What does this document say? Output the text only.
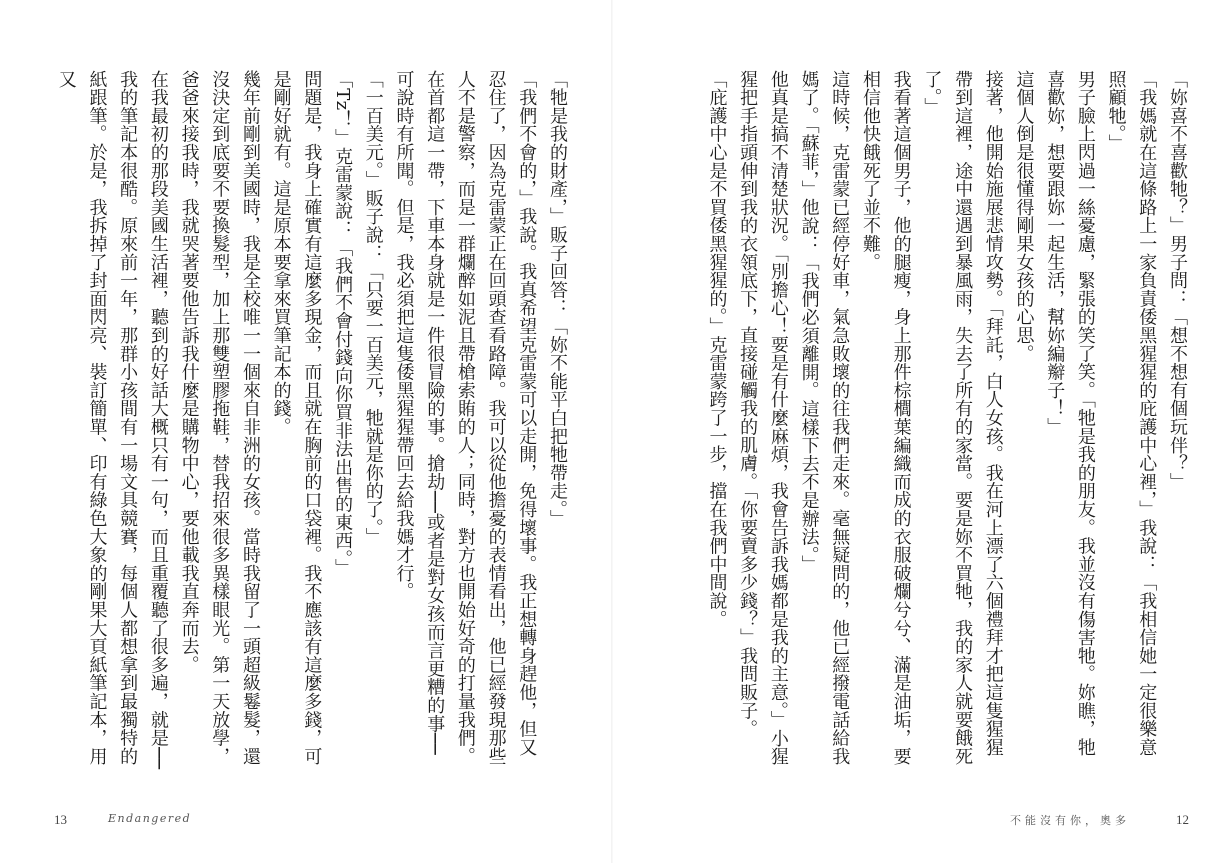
「牠是我的財產，」販子回答：「妳不能平白把牠帶走。」

「我們不會的，」我說。我真希望克雷蒙可以走開，免得壞事。我正想轉身趕他，但又忍住了，因為克雷蒙正在回頭查看路障。我可以從他擔憂的表情看出，他已經發現那些人不是警察，而是一群爛醉如泥且帶槍索賄的人；同時，對方也開始好奇的打量我們。在首都這一帶，下車本身就是一件很冒險的事。搶劫──或者是對女孩而言更糟的事──可說時有所聞。但是，我必須把這隻倭黑猩猩帶回去給我媽才行。

「一百美元。」販子說：「只要一百美元，牠就是你的了。」

「Tz！」克雷蒙說：「我們不會付錢向你買非法出售的東西。」

問題是，我身上確實有這麼多現金，而且就在胸前的口袋裡。我不應該有這麼多錢，可是剛好就有。這是原本要拿來買筆記本的錢。

幾年前剛到美國時，我是全校唯一一個來自非洲的女孩。當時我留了一頭超級鬈髮，還沒決定到底要不要換髮型，加上那雙塑膠拖鞋，替我招來很多異樣眼光。第一天放學，爸爸來接我時，我就哭著要他告訴我什麼是購物中心，要他載我直奔而去。

在我最初的那段美國生活裡，聽到的好話大概只有一句，而且重覆聽了很多遍，就是──我的筆記本很酷。原來前一年，那群小孩間有一場文具競賽，每個人都想拿到最獨特的紙跟筆。於是，我拆掉了封面閃亮、裝訂簡單、印有綠色大象的剛果大頁紙筆記本，用又

13	Endangered

「妳喜不喜歡牠？」男子問：「想不想有個玩伴？」

「我媽就在這條路上一家負責倭黑猩猩的庇護中心裡，」我說：「我相信她一定很樂意照顧牠。」

男子臉上閃過一絲憂慮，緊張的笑了笑。「牠是我的朋友。我並沒有傷害牠。妳瞧，牠喜歡妳，想要跟妳一起生活，幫妳編辮子！」

這個人倒是很懂得剛果女孩的心思。

接著，他開始施展悲情攻勢。「拜託，白人女孩。我在河上漂了六個禮拜才把這隻猩猩帶到這裡，途中還遇到暴風雨，失去了所有的家當。要是妳不買牠，我的家人就要餓死了。」

我看著這個男子，他的腿瘦，身上那件棕櫚葉編織而成的衣服破爛兮兮、滿是油垢，要相信他快餓死了並不難。

這時候，克雷蒙已經停好車，氣急敗壞的往我們走來。毫無疑問的，他已經撥電話給我媽了。「蘇菲，」他說：「我們必須離開。這樣下去不是辦法。」

他真是搞不清楚狀況。「別擔心！要是有什麼麻煩，我會告訴我媽都是我的主意。」小猩猩把手指頭伸到我的衣領底下，直接碰觸我的肌膚。「你要賣多少錢？」我問販子。

「庇護中心是不買倭黑猩猩的。」克雷蒙跨了一步，擋在我們中間說。

不能沒有你，奧多	12
